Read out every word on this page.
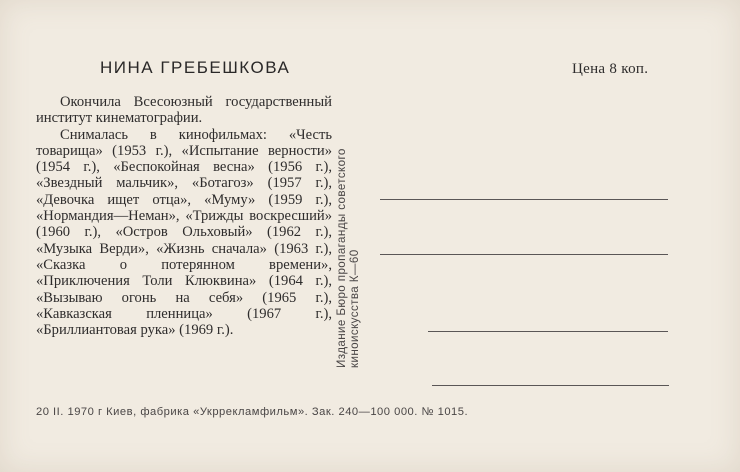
НИНА ГРЕБЕШКОВА	Цена 8 коп.

Окончила Всесоюзный государственный институт кинематографии.

Снималась в кинофильмах: «Честь товарища» (1953 г.), «Испытание верности» (1954 г.), «Беспокойная весна» (1956 г.), «Звездный мальчик», «Ботагоз» (1957 г.), «Девочка ищет отца», «Муму» (1959 г.), «Нормандия—Неман», «Трижды воскресший» (1960 г.), «Остров Ольховый» (1962 г.), «Музыка Верди», «Жизнь сначала» (1963 г.), «Сказка о потерянном времени», «Приключения Толи Клюквина» (1964 г.), «Вызываю огонь на себя» (1965 г.), «Кавказская пленница» (1967 г.), «Бриллиантовая рука» (1969 г.).	Издание Бюро пропаганды советского киноискусства К—60
20 II. 1970 г Киев, фабрика «Укррекламфильм». Зак. 240—100 000. № 1015.
